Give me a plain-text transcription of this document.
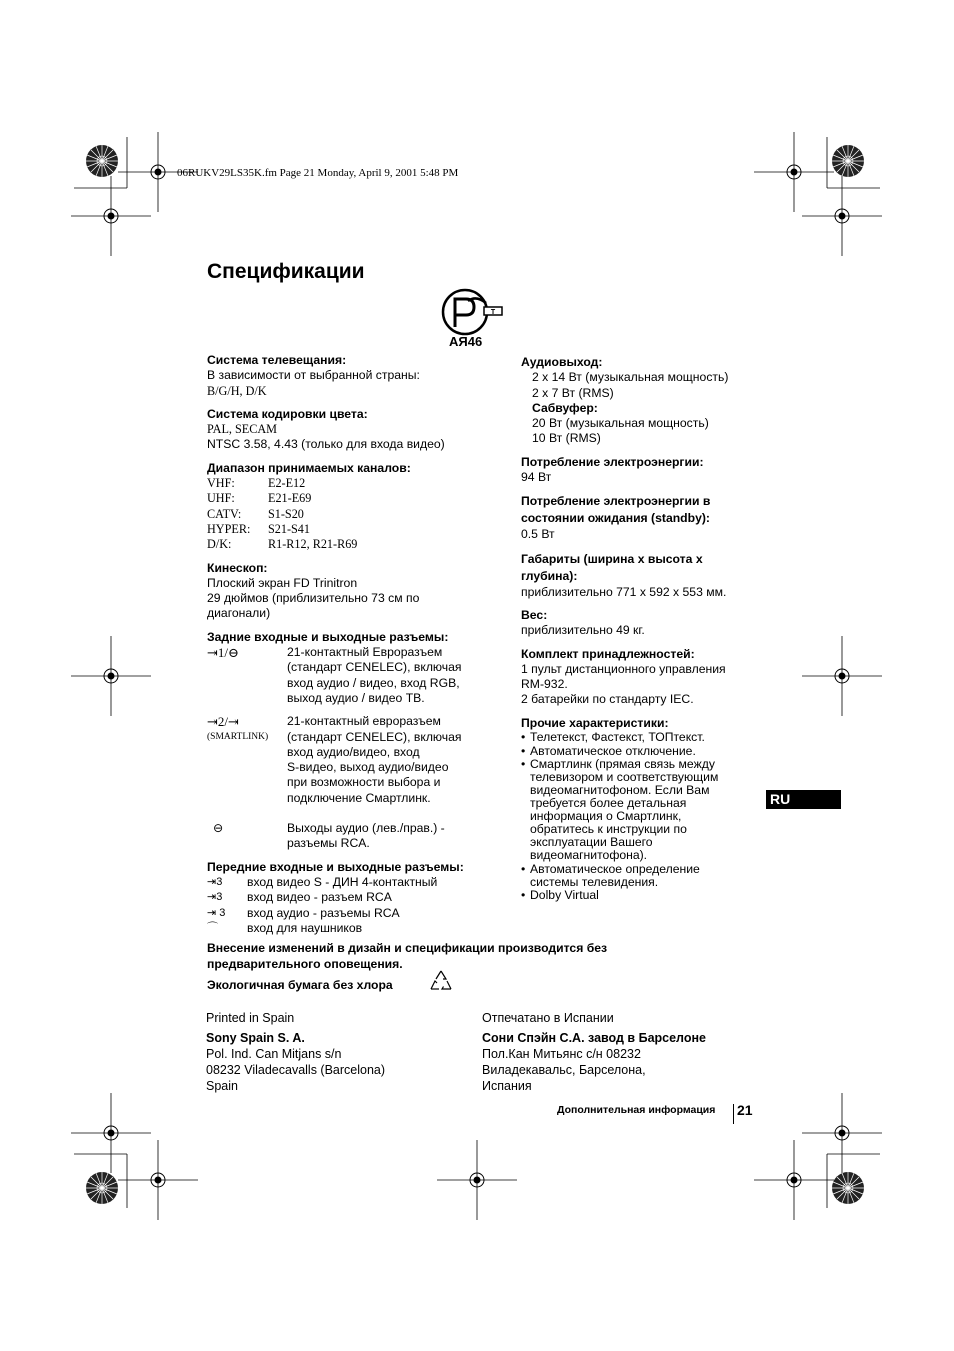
06RUKV29LS35K.fm Page 21 Monday, April 9, 2001 5:48 PM
Спецификации
T
АЯ46
Система телевещания:
В зависимости от выбранной страны:
B/G/H, D/K
Система кодировки цвета:
PAL, SECAM
NTSC 3.58, 4.43 (только для входа видео)
Диапазон принимаемых каналов:
VHF:	E2-E12
UHF:	E21-E69
CATV:	S1-S20
HYPER:	S21-S41
D/K:	R1-R12, R21-R69
Кинескоп:
Плоский экран FD Trinitron
29 дюймов (приблизительно 73 см по
диагонали)
Задние входные и выходные разъемы:
⇥1/⊖	21-контактный Евроразъем
(стандарт CENELEC), включая
вход аудио / видео, вход RGB,
выход аудио / видео ТВ.
⇥2/⇥
(SMARTLINK)
21-контактный евроразъем
(стандарт CENELEC), включая
вход аудио/видео, вход
S-видео, выход аудио/видео
при возможности выбора и
подключение Смартлинк.
⊖	Выходы аудио (лев./прав.) -
разъемы RCA.
Передние входные и выходные разъемы:
⇥3	вход видео S - ДИН 4-контактный
⇥3	вход видео - разъем RCA
⇥ 3	вход аудио - разъемы RCA
⌒	вход для наушников
Аудиовыход:
2 x 14 Вт (музыкальная мощность)
2 x 7 Вт (RMS)
Сабвуфер:
20 Вт (музыкальная мощность)
10 Вт (RMS)
Потребление электроэнергии:
94 Вт
Потребление электроэнергии в
состоянии ожидания (standby):
0.5 Вт
Габариты (ширина x высота x
глубина):
приблизительно 771 x 592 x 553 мм.
Вес:
приблизительно 49 кг.
Комплект принадлежностей:
1 пульт дистанционного управления
RM-932.
2 батарейки по стандарту IEC.
Прочие характеристики:
• Телетекст, Фастекст, ТОПтекст.
• Автоматическое отключение.
• Смартлинк (прямая связь между телевизором и соответствующим видеомагнитофоном. Если Вам требуется более детальная информация о Смартлинк, обратитесь к инструкции по эксплуатации Вашего видеомагнитофона).
• Автоматическое определение системы телевидения.
• Dolby Virtual
RU
Внесение изменений в дизайн и спецификации производится без
предварительного оповещения.
Экологичная бумага без хлора
Printed in Spain
Sony Spain S. A.
Pol. Ind. Can Mitjans s/n
08232 Viladecavalls (Barcelona)
Spain
Отпечатано в Испании
Сони Спэйн С.А. завод в Барселоне
Пол.Кан Митьянс с/н 08232
Виладекавальс, Барселона,
Испания
Дополнительная информация 21
